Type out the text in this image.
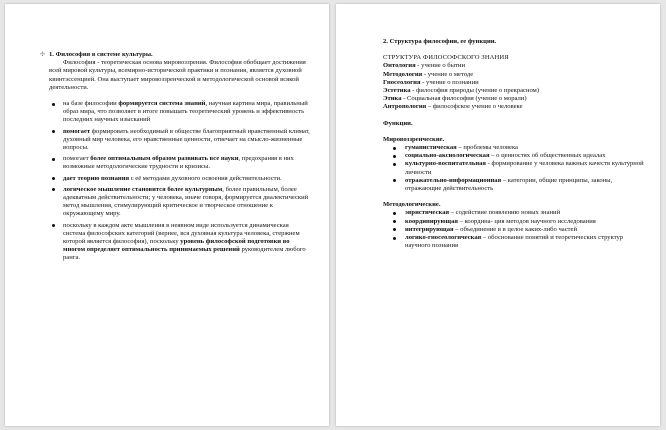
✣ 1. Философия в системе культуры.

Философия - теоретическая основа мировоззрения. Философия обобщает достижения всей мировой культуры, всемирно-исторической практики и познания, является духовной квинтэссенцией. Она выступает мировоззренческой и методологической основой всякой деятельности.

на базе философии формируется система знаний, научная картина мира, правильный образ мира, что позволяет в итоге повышать теоретический уровень и эффективность последних научных изысканий
помогает формировать необходимый в обществе благоприятный нравственный климат, духовный мир человека, его нравственные ценности, отвечает на смысло-жизненные вопросы.
помогает более оптимальным образом развивать все науки, предохраняя в них возможные методологические трудности и кризисы.
дает теорию познания с её методами духовного освоения действительности.
логическое мышление становится более культурным, более правильным, более адекватным действительности; у человека, иначе говоря, формируется диалектический метод мышления, стимулирующий критическое и творческое отношение к окружающему миру.
поскольку в каждом акте мышления в неявном виде используется динамическая система философских категорий (вернее, вся духовная культура человека, стержнем которой является философия), поскольку уровень философской подготовки во многом определяет оптимальность принимаемых решений руководителем любого ранга.

2. Структура философии, ее функции.

СТРУКТУРА ФИЛОСОФСКОГО ЗНАНИЯ

Онтология - учение о бытии

Методология - учение о методе

Гносеология - учение о познании

Эстетика - философия природы (учение о прекрасном)

Этика - Социальная философия (учение о морали)

Антропология – философское учение о человеке

Функции.

Мировоззренческие.

гуманистическая – проблемы человека
социально-аксиологическая – о ценностях об общественных идеалах
культурно-воспитательная - формирование у человека важных качеств культурной личности
отражательно-информационная – категории, общие принципы, законы, отражающие действительность

Методологические.

эвристическая – содействие появлению новых знаний
координирующая – координа- ция методов научного исследования
интегрирующая – объединение в в целое каких-либо частей
логико-гносеологическая – обоснование понятий и теоретических структур научного познания
